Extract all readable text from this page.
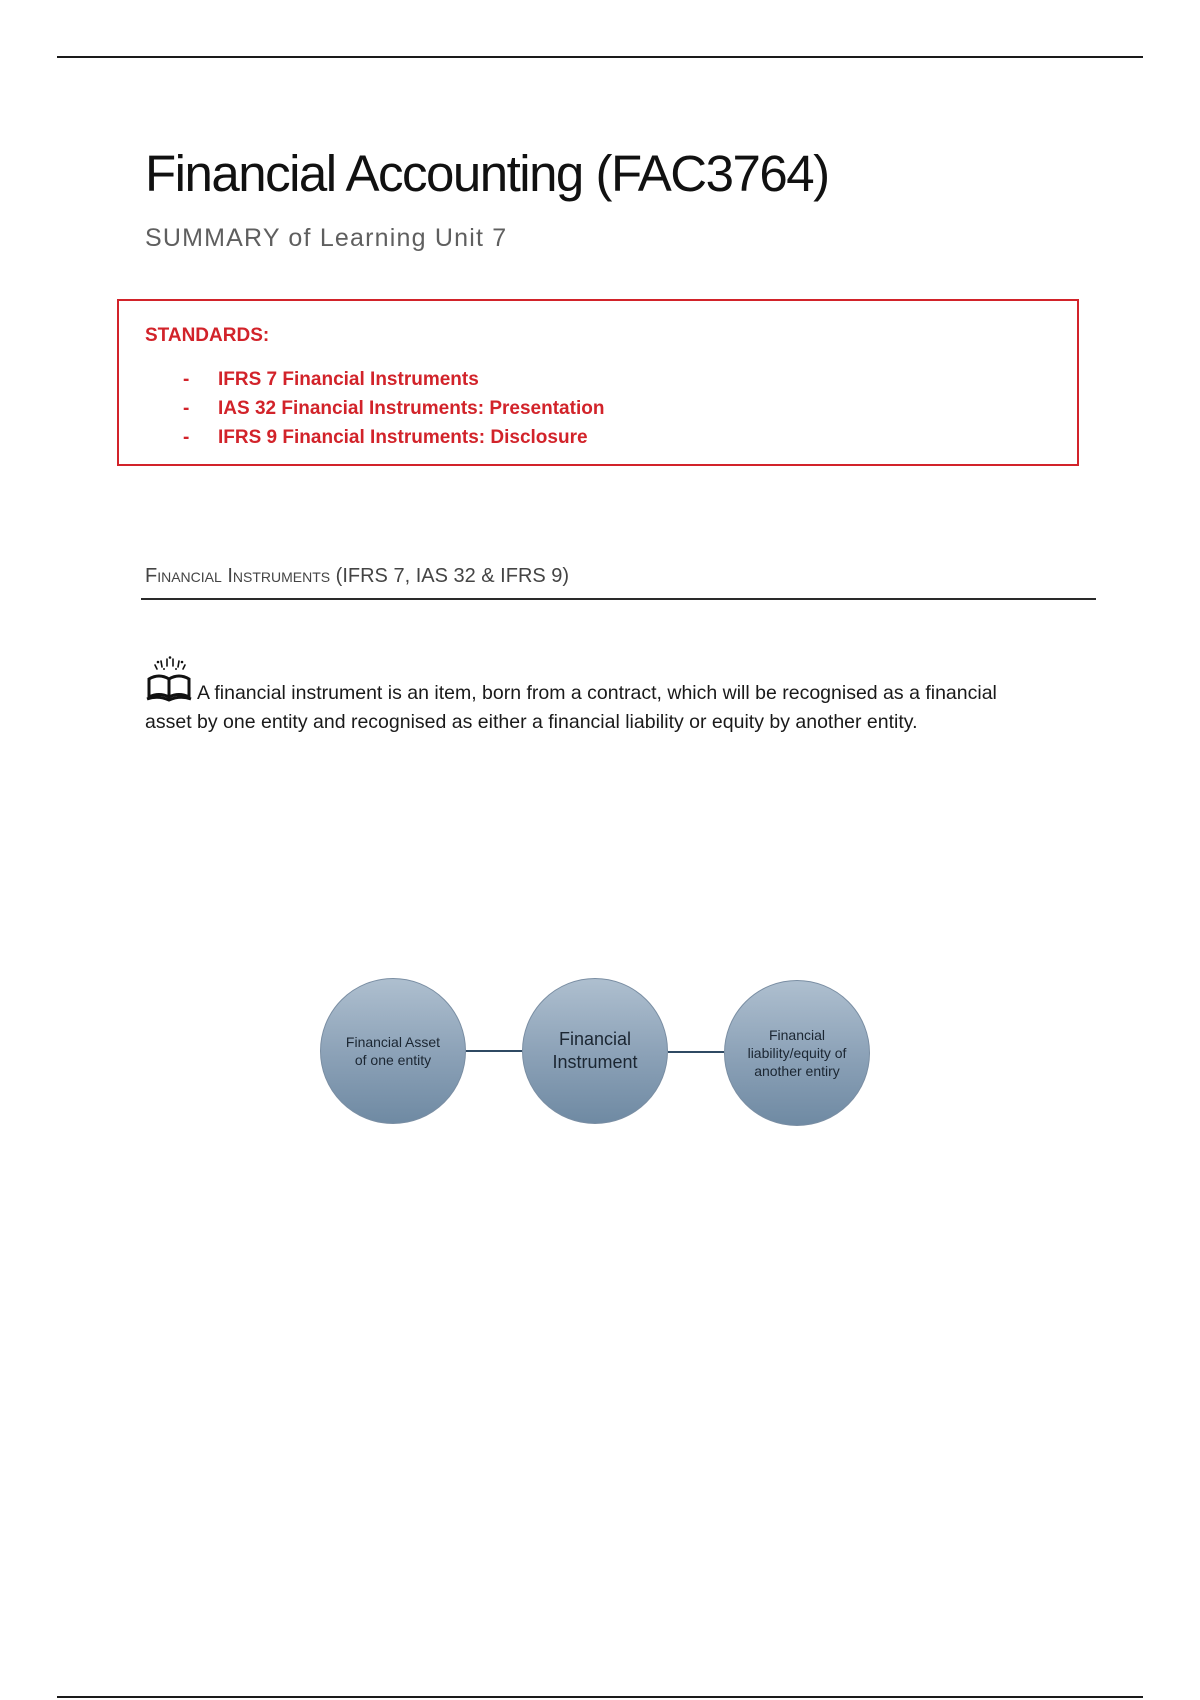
Financial Accounting (FAC3764)
SUMMARY of Learning Unit 7
STANDARDS:
- IFRS 7 Financial Instruments
- IAS 32 Financial Instruments: Presentation
- IFRS 9 Financial Instruments: Disclosure
Financial Instruments (IFRS 7, IAS 32 & IFRS 9)
A financial instrument is an item, born from a contract, which will be recognised as a financial asset by one entity and recognised as either a financial liability or equity by another entity.
Financial Asset of one entity
Financial Instrument
Financial liability/equity of another entiry
